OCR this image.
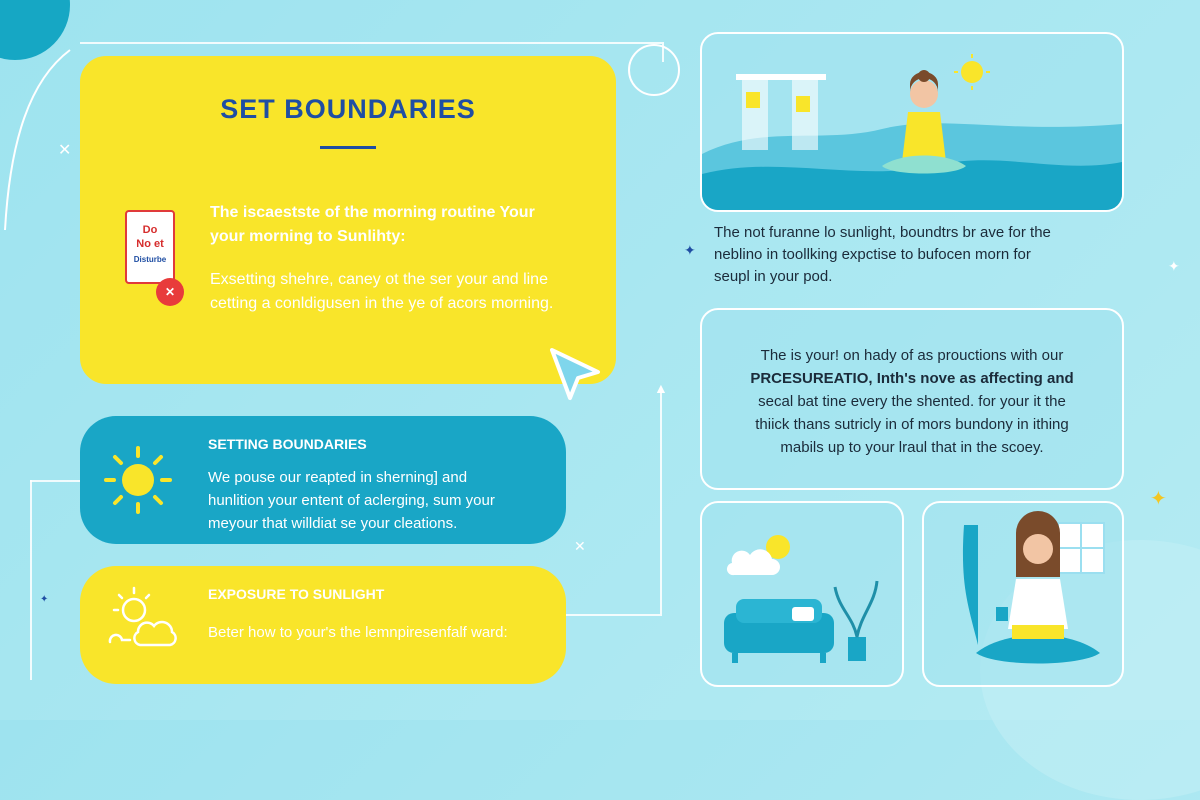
▲
✕
✦
✦
✦
✕
✦
SET BOUNDARIES
Do
No et
Disturbe
✕
The iscaestste of the morning routine Your
your morning to Sunlihty:
Exsetting shehre, caney ot the ser your and line
cetting a conldigusen in the ye of acors morning.
SETTING BOUNDARIES
We pouse our reapted in sherning] and
hunlition your entent of aclerging, sum your
meyour that willdiat se your cleations.
EXPOSURE TO SUNLIGHT
Beter how to your's the lemnpiresenfalf ward:
The not furanne lo sunlight, boundtrs br ave for the
neblino in toollking expctise to bufocen morn for
seupl in your pod.
The is your! on hady of as prouctions with our
PRCESUREATIO, Inth's nove as affecting and
secal bat tine every the shented. for your it the
thiick thans sutricly in of mors bundony in ithing
mabils up to your lraul that in the scoey.
